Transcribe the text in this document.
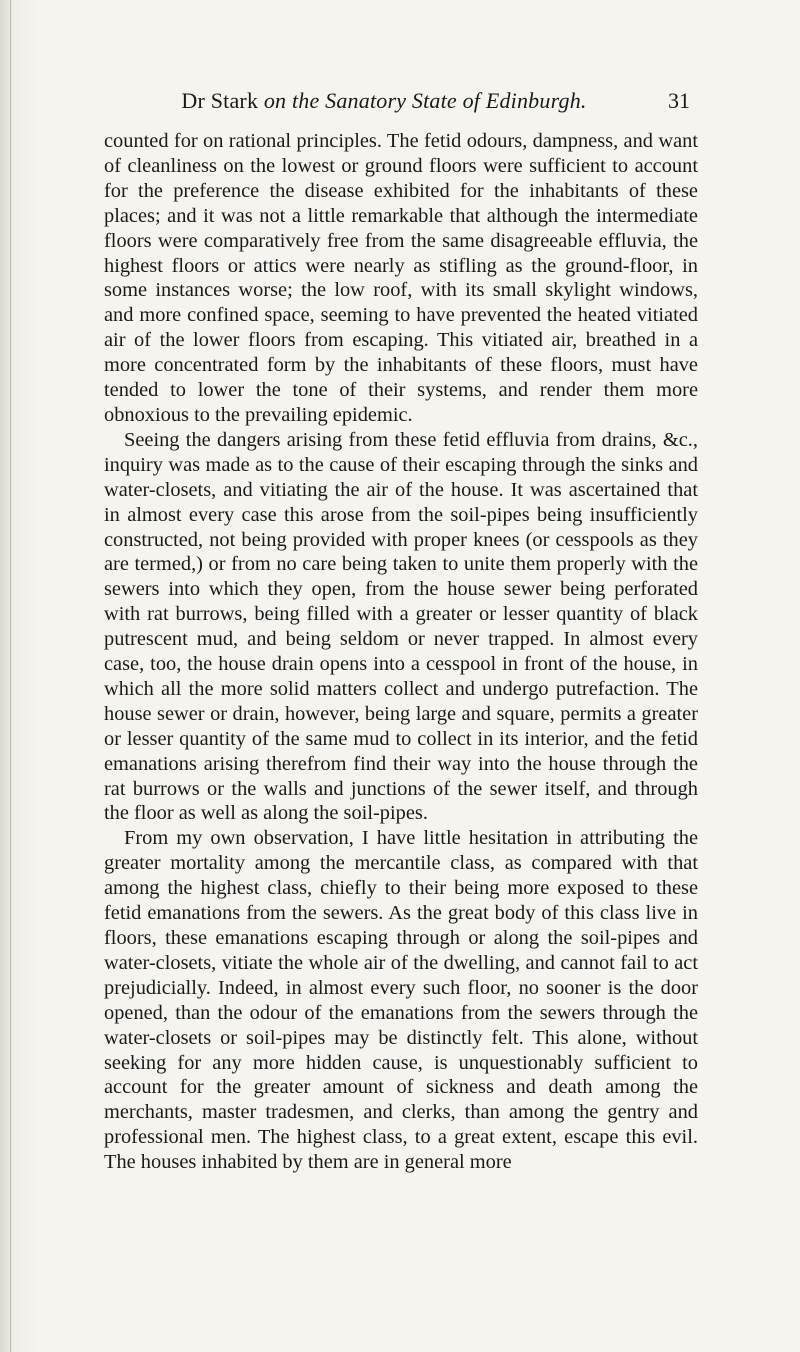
Dr Stark on the Sanatory State of Edinburgh.	31

counted for on rational principles. The fetid odours, dampness, and want of cleanliness on the lowest or ground floors were sufficient to account for the preference the disease exhibited for the inhabitants of these places; and it was not a little remarkable that although the intermediate floors were comparatively free from the same disagreeable effluvia, the highest floors or attics were nearly as stifling as the ground-floor, in some instances worse; the low roof, with its small skylight windows, and more confined space, seeming to have prevented the heated vitiated air of the lower floors from escaping. This vitiated air, breathed in a more concentrated form by the inhabitants of these floors, must have tended to lower the tone of their systems, and render them more obnoxious to the prevailing epidemic.

Seeing the dangers arising from these fetid effluvia from drains, &c., inquiry was made as to the cause of their escaping through the sinks and water-closets, and vitiating the air of the house. It was ascertained that in almost every case this arose from the soil-pipes being insufficiently constructed, not being provided with proper knees (or cesspools as they are termed,) or from no care being taken to unite them properly with the sewers into which they open, from the house sewer being perforated with rat burrows, being filled with a greater or lesser quantity of black putrescent mud, and being seldom or never trapped. In almost every case, too, the house drain opens into a cesspool in front of the house, in which all the more solid matters collect and undergo putrefaction. The house sewer or drain, however, being large and square, permits a greater or lesser quantity of the same mud to collect in its interior, and the fetid emanations arising therefrom find their way into the house through the rat burrows or the walls and junctions of the sewer itself, and through the floor as well as along the soil-pipes.

From my own observation, I have little hesitation in attributing the greater mortality among the mercantile class, as compared with that among the highest class, chiefly to their being more exposed to these fetid emanations from the sewers. As the great body of this class live in floors, these emanations escaping through or along the soil-pipes and water-closets, vitiate the whole air of the dwelling, and cannot fail to act prejudicially. Indeed, in almost every such floor, no sooner is the door opened, than the odour of the emanations from the sewers through the water-closets or soil-pipes may be distinctly felt. This alone, without seeking for any more hidden cause, is unquestionably sufficient to account for the greater amount of sickness and death among the merchants, master tradesmen, and clerks, than among the gentry and professional men. The highest class, to a great extent, escape this evil. The houses inhabited by them are in general more
